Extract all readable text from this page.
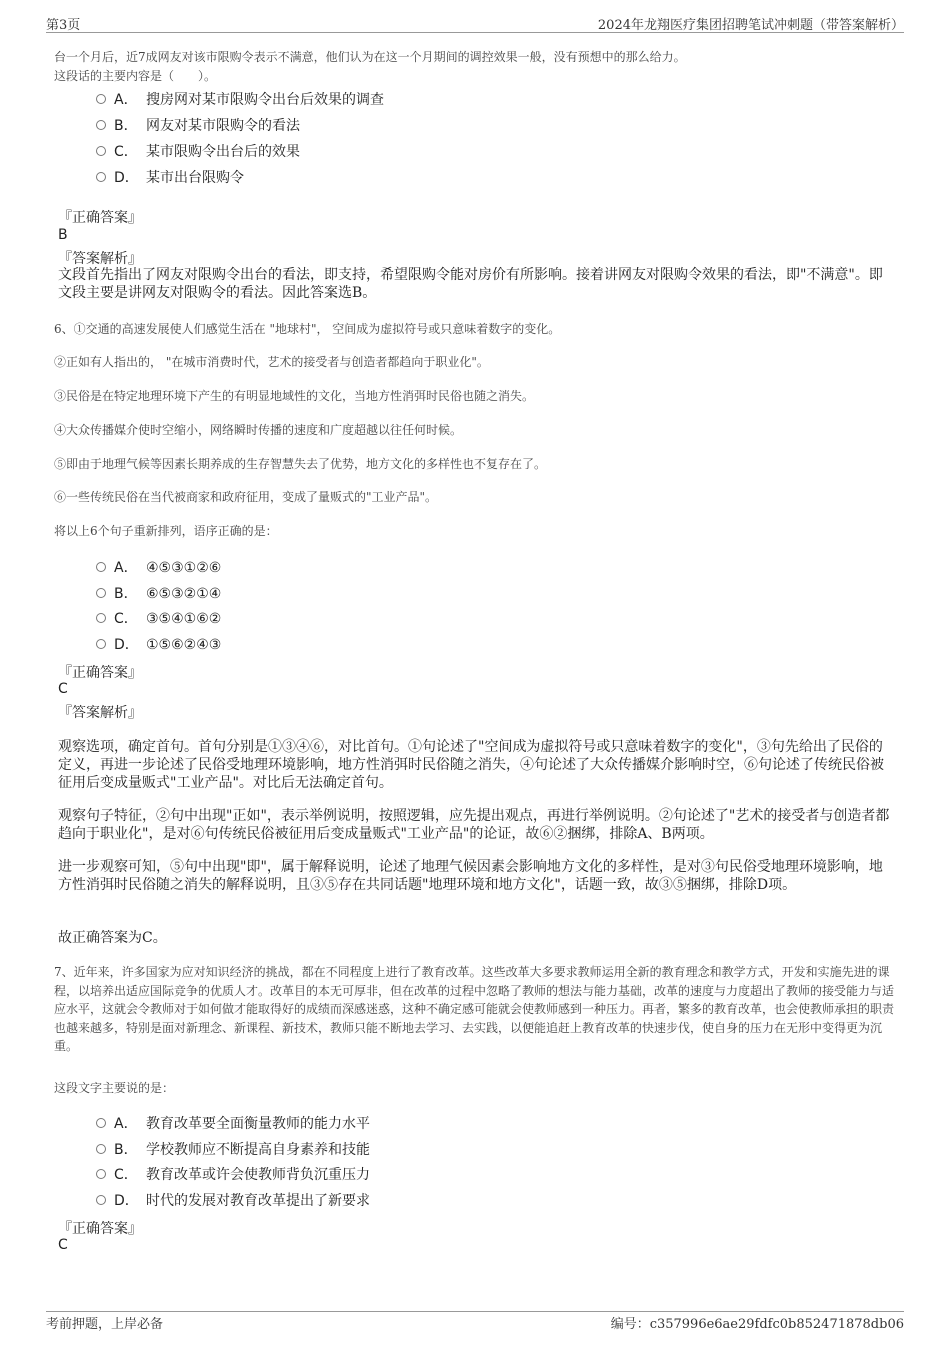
第3页	2024年龙翔医疗集团招聘笔试冲刺题（带答案解析）
台一个月后，近7成网友对该市限购令表示不满意，他们认为在这一个月期间的调控效果一般，没有预想中的那么给力。
这段话的主要内容是（　　）。
A． 搜房网对某市限购令出台后效果的调查
B． 网友对某市限购令的看法
C． 某市限购令出台后的效果
D． 某市出台限购令
『正确答案』
B
『答案解析』
文段首先指出了网友对限购令出台的看法，即支持，希望限购令能对房价有所影响。接着讲网友对限购令效果的看法，即"不满意"。即文段主要是讲网友对限购令的看法。因此答案选B。
6、①交通的高速发展使人们感觉生活在 "地球村"， 空间成为虚拟符号或只意味着数字的变化。
②正如有人指出的， "在城市消费时代，艺术的接受者与创造者都趋向于职业化"。
③民俗是在特定地理环境下产生的有明显地域性的文化，当地方性消弭时民俗也随之消失。
④大众传播媒介使时空缩小，网络瞬时传播的速度和广度超越以往任何时候。
⑤即由于地理气候等因素长期养成的生存智慧失去了优势，地方文化的多样性也不复存在了。
⑥一些传统民俗在当代被商家和政府征用，变成了量贩式的"工业产品"。
将以上6个句子重新排列，语序正确的是：
A． ④⑤③①②⑥
B． ⑥⑤③②①④
C． ③⑤④①⑥②
D． ①⑤⑥②④③
『正确答案』
C
『答案解析』
观察选项，确定首句。首句分别是①③④⑥，对比首句。①句论述了"空间成为虚拟符号或只意味着数字的变化"，③句先给出了民俗的定义，再进一步论述了民俗受地理环境影响，地方性消弭时民俗随之消失，④句论述了大众传播媒介影响时空，⑥句论述了传统民俗被征用后变成量贩式"工业产品"。对比后无法确定首句。
观察句子特征，②句中出现"正如"，表示举例说明，按照逻辑，应先提出观点，再进行举例说明。②句论述了"艺术的接受者与创造者都趋向于职业化"，是对⑥句传统民俗被征用后变成量贩式"工业产品"的论证，故⑥②捆绑，排除A、B两项。
进一步观察可知，⑤句中出现"即"，属于解释说明，论述了地理气候因素会影响地方文化的多样性，是对③句民俗受地理环境影响，地方性消弭时民俗随之消失的解释说明，且③⑤存在共同话题"地理环境和地方文化"，话题一致，故③⑤捆绑，排除D项。
故正确答案为C。
7、近年来，许多国家为应对知识经济的挑战，都在不同程度上进行了教育改革。这些改革大多要求教师运用全新的教育理念和教学方式，开发和实施先进的课程，以培养出适应国际竞争的优质人才。改革目的本无可厚非，但在改革的过程中忽略了教师的想法与能力基础，改革的速度与力度超出了教师的接受能力与适应水平，这就会令教师对于如何做才能取得好的成绩而深感迷惑，这种不确定感可能就会使教师感到一种压力。再者，繁多的教育改革，也会使教师承担的职责也越来越多，特别是面对新理念、新课程、新技术，教师只能不断地去学习、去实践，以便能追赶上教育改革的快速步伐，使自身的压力在无形中变得更为沉重。
这段文字主要说的是：
A． 教育改革要全面衡量教师的能力水平
B． 学校教师应不断提高自身素养和技能
C． 教育改革或许会使教师背负沉重压力
D． 时代的发展对教育改革提出了新要求
『正确答案』
C
考前押题，上岸必备	编号：c357996e6ae29fdfc0b852471878db06
